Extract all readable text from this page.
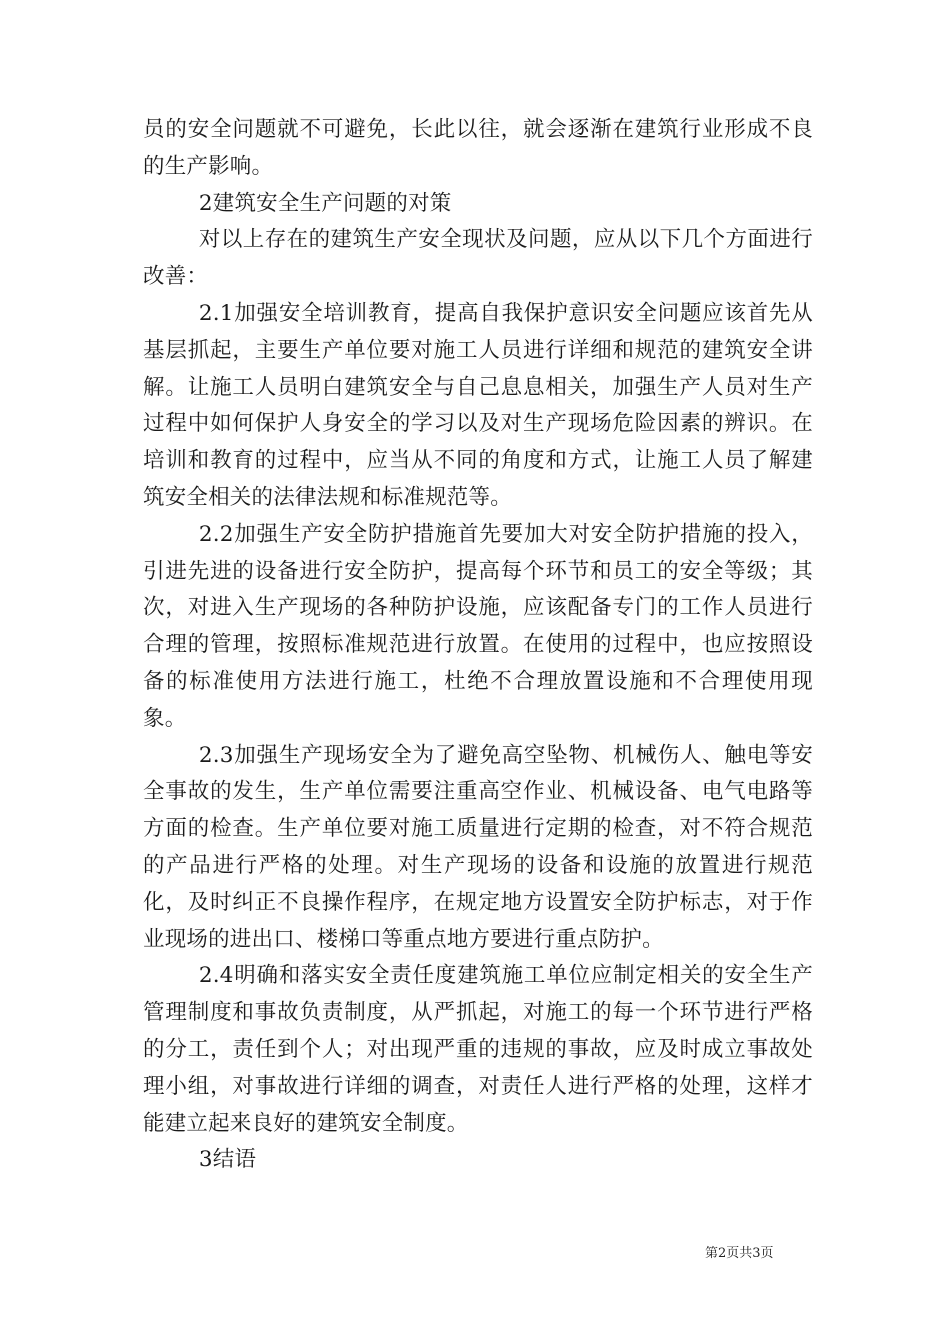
员的安全问题就不可避免，长此以往，就会逐渐在建筑行业形成不良的生产影响。

2建筑安全生产问题的对策

对以上存在的建筑生产安全现状及问题，应从以下几个方面进行改善：

2.1加强安全培训教育，提高自我保护意识安全问题应该首先从基层抓起，主要生产单位要对施工人员进行详细和规范的建筑安全讲解。让施工人员明白建筑安全与自己息息相关，加强生产人员对生产过程中如何保护人身安全的学习以及对生产现场危险因素的辨识。在培训和教育的过程中，应当从不同的角度和方式，让施工人员了解建筑安全相关的法律法规和标准规范等。

2.2加强生产安全防护措施首先要加大对安全防护措施的投入，引进先进的设备进行安全防护，提高每个环节和员工的安全等级；其次，对进入生产现场的各种防护设施，应该配备专门的工作人员进行合理的管理，按照标准规范进行放置。在使用的过程中，也应按照设备的标准使用方法进行施工，杜绝不合理放置设施和不合理使用现象。

2.3加强生产现场安全为了避免高空坠物、机械伤人、触电等安全事故的发生，生产单位需要注重高空作业、机械设备、电气电路等方面的检查。生产单位要对施工质量进行定期的检查，对不符合规范的产品进行严格的处理。对生产现场的设备和设施的放置进行规范化，及时纠正不良操作程序，在规定地方设置安全防护标志，对于作业现场的进出口、楼梯口等重点地方要进行重点防护。

2.4明确和落实安全责任度建筑施工单位应制定相关的安全生产管理制度和事故负责制度，从严抓起，对施工的每一个环节进行严格的分工，责任到个人；对出现严重的违规的事故，应及时成立事故处理小组，对事故进行详细的调查，对责任人进行严格的处理，这样才能建立起来良好的建筑安全制度。

3结语

第2页共3页
